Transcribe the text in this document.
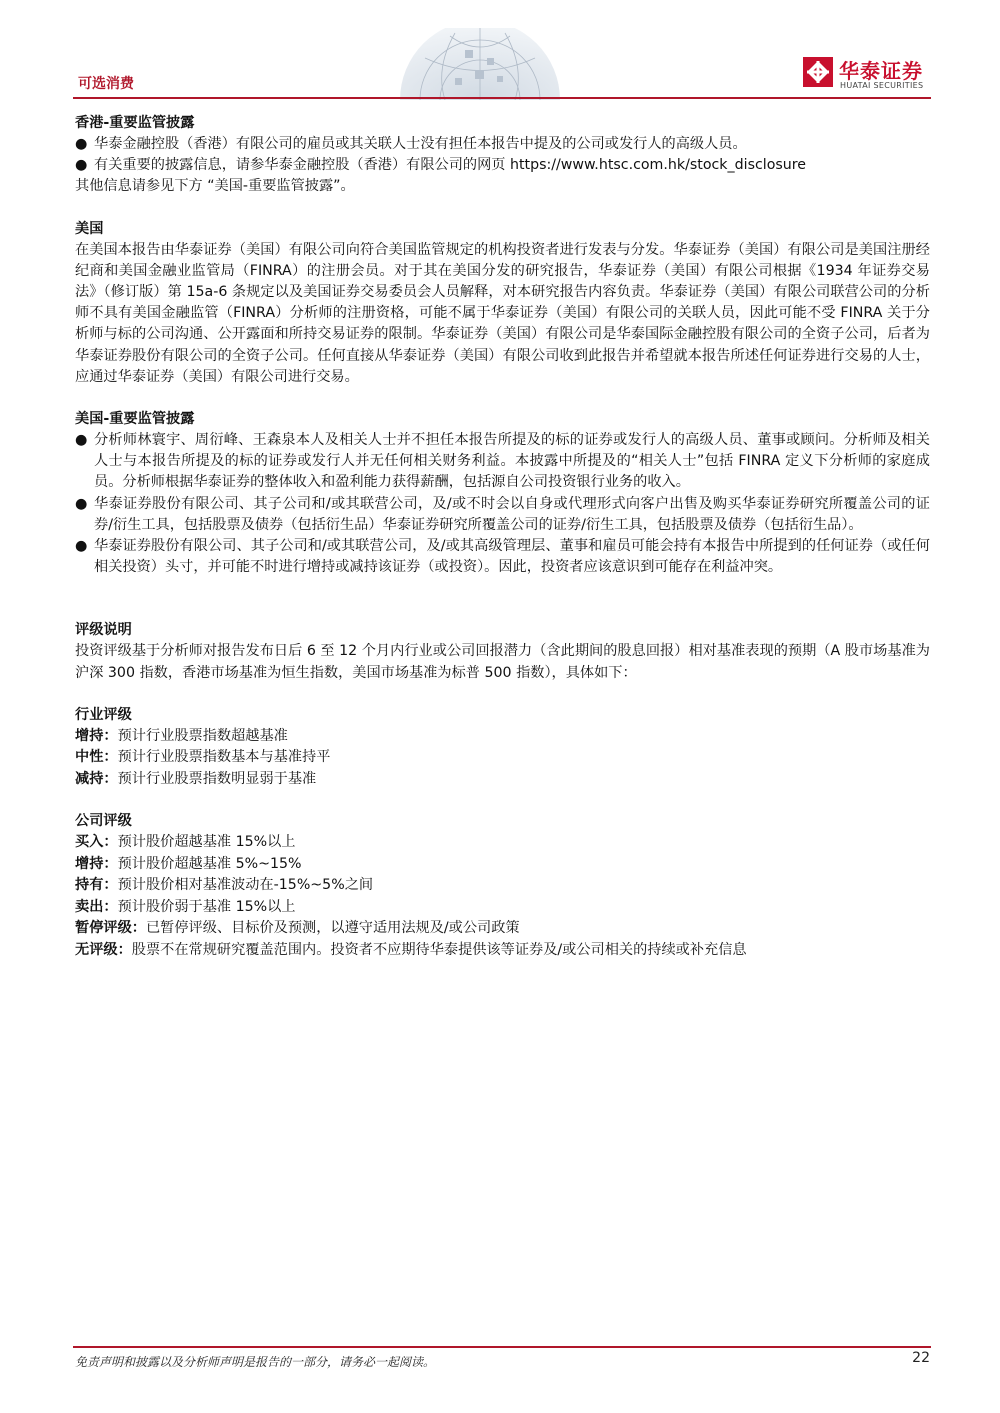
可选消费
华泰证券
HUATAI SECURITIES
香港-重要监管披露
● 华泰金融控股（香港）有限公司的雇员或其关联人士没有担任本报告中提及的公司或发行人的高级人员。
● 有关重要的披露信息，请参华泰金融控股（香港）有限公司的网页 https://www.htsc.com.hk/stock_disclosure
其他信息请参见下方 “美国-重要监管披露”。
美国
在美国本报告由华泰证券（美国）有限公司向符合美国监管规定的机构投资者进行发表与分发。华泰证券（美国）有限公司是美国注册经纪商和美国金融业监管局（FINRA）的注册会员。对于其在美国分发的研究报告，华泰证券（美国）有限公司根据《1934 年证券交易法》（修订版）第 15a-6 条规定以及美国证券交易委员会人员解释，对本研究报告内容负责。华泰证券（美国）有限公司联营公司的分析师不具有美国金融监管（FINRA）分析师的注册资格，可能不属于华泰证券（美国）有限公司的关联人员，因此可能不受 FINRA 关于分析师与标的公司沟通、公开露面和所持交易证券的限制。华泰证券（美国）有限公司是华泰国际金融控股有限公司的全资子公司，后者为华泰证券股份有限公司的全资子公司。任何直接从华泰证券（美国）有限公司收到此报告并希望就本报告所述任何证券进行交易的人士，应通过华泰证券（美国）有限公司进行交易。
美国-重要监管披露
● 分析师林寰宇、周衍峰、王森泉本人及相关人士并不担任本报告所提及的标的证券或发行人的高级人员、董事或顾问。分析师及相关人士与本报告所提及的标的证券或发行人并无任何相关财务利益。本披露中所提及的“相关人士”包括 FINRA 定义下分析师的家庭成员。分析师根据华泰证券的整体收入和盈利能力获得薪酬，包括源自公司投资银行业务的收入。
● 华泰证券股份有限公司、其子公司和/或其联营公司，及/或不时会以自身或代理形式向客户出售及购买华泰证券研究所覆盖公司的证券/衍生工具，包括股票及债券（包括衍生品）华泰证券研究所覆盖公司的证券/衍生工具，包括股票及债券（包括衍生品）。
● 华泰证券股份有限公司、其子公司和/或其联营公司，及/或其高级管理层、董事和雇员可能会持有本报告中所提到的任何证券（或任何相关投资）头寸，并可能不时进行增持或减持该证券（或投资）。因此，投资者应该意识到可能存在利益冲突。
评级说明
投资评级基于分析师对报告发布日后 6 至 12 个月内行业或公司回报潜力（含此期间的股息回报）相对基准表现的预期（A 股市场基准为沪深 300 指数，香港市场基准为恒生指数，美国市场基准为标普 500 指数），具体如下：
行业评级
增持：预计行业股票指数超越基准
中性：预计行业股票指数基本与基准持平
减持：预计行业股票指数明显弱于基准
公司评级
买入：预计股价超越基准 15%以上
增持：预计股价超越基准 5%~15%
持有：预计股价相对基准波动在-15%~5%之间
卖出：预计股价弱于基准 15%以上
暂停评级：已暂停评级、目标价及预测，以遵守适用法规及/或公司政策
无评级：股票不在常规研究覆盖范围内。投资者不应期待华泰提供该等证券及/或公司相关的持续或补充信息
免责声明和披露以及分析师声明是报告的一部分，请务必一起阅读。	22
